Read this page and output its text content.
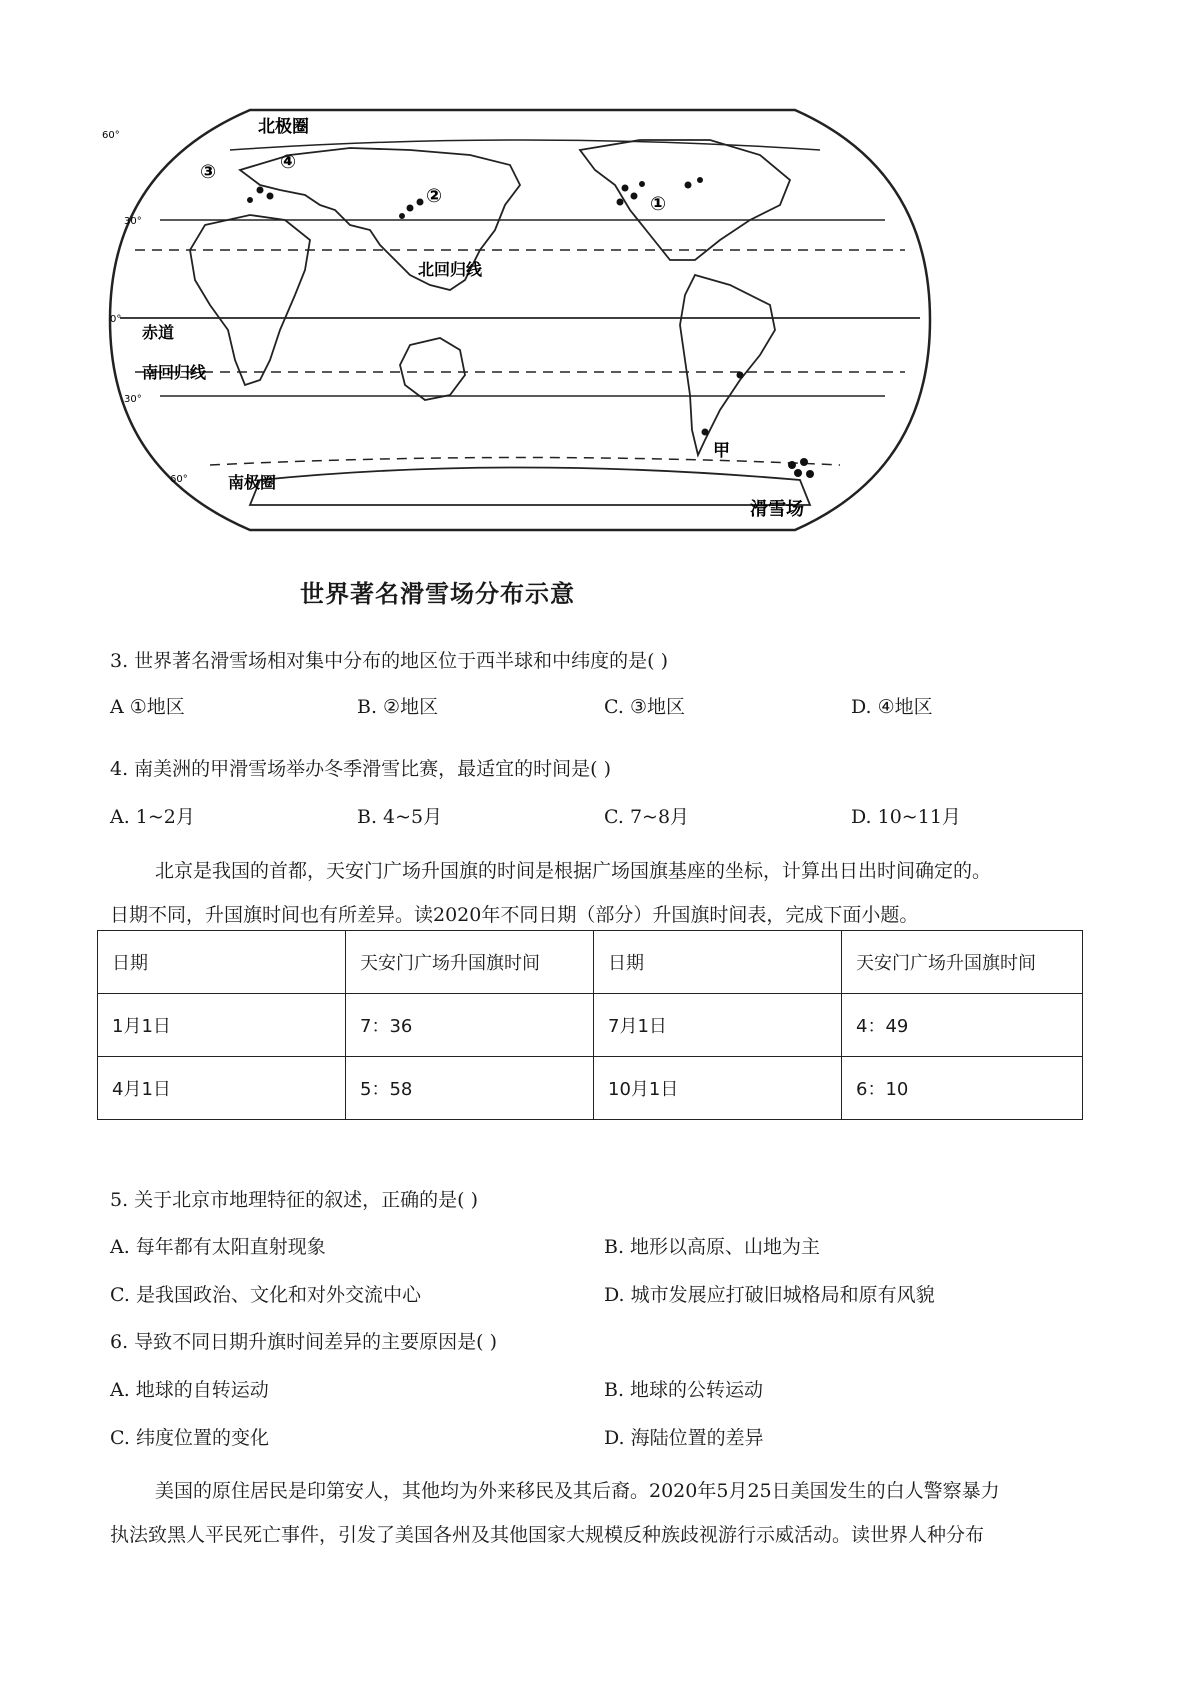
北极圈
南极圈
北回归线
赤道
南回归线
甲
滑雪场
①
②
③	④
60°
30°
0°
30°
60°
世界著名滑雪场分布示意
3. 世界著名滑雪场相对集中分布的地区位于西半球和中纬度的是( )
A ①地区	B. ②地区	C. ③地区	D. ④地区
4. 南美洲的甲滑雪场举办冬季滑雪比赛，最适宜的时间是( )
A. 1~2月	B. 4~5月	C. 7~8月	D. 10~11月
北京是我国的首都，天安门广场升国旗的时间是根据广场国旗基座的坐标，计算出日出时间确定的。
日期不同，升国旗时间也有所差异。读2020年不同日期（部分）升国旗时间表，完成下面小题。
日期	天安门广场升国旗时间	日期	天安门广场升国旗时间
1月1日	7：36	7月1日	4：49
4月1日	5：58	10月1日	6：10
5. 关于北京市地理特征的叙述，正确的是( )
A. 每年都有太阳直射现象	B. 地形以高原、山地为主
C. 是我国政治、文化和对外交流中心	D. 城市发展应打破旧城格局和原有风貌
6. 导致不同日期升旗时间差异的主要原因是( )
A. 地球的自转运动	B. 地球的公转运动
C. 纬度位置的变化	D. 海陆位置的差异
美国的原住居民是印第安人，其他均为外来移民及其后裔。2020年5月25日美国发生的白人警察暴力
执法致黑人平民死亡事件，引发了美国各州及其他国家大规模反种族歧视游行示威活动。读世界人种分布
